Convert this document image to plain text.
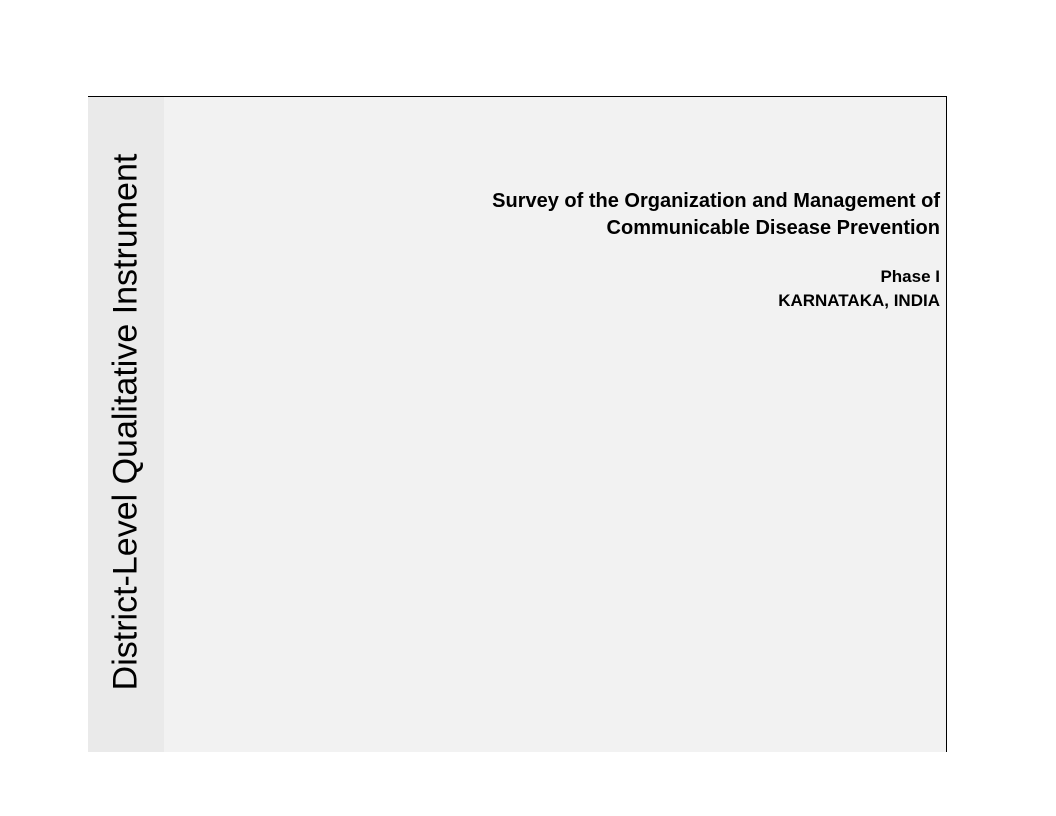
District-Level Qualitative Instrument	Survey of the Organization and Management of
Communicable Disease Prevention
Phase I
KARNATAKA, INDIA
